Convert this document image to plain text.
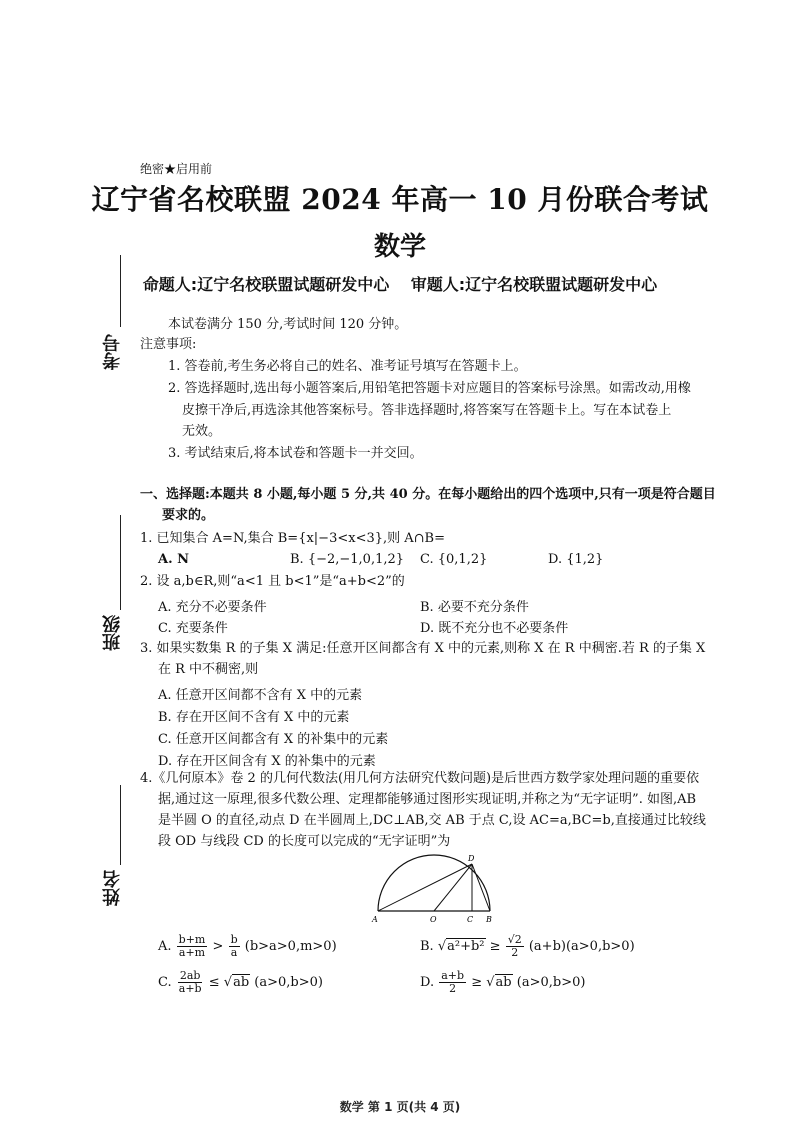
考号
班级
姓名
绝密★启用前
辽宁省名校联盟 2024 年高一 10 月份联合考试
数学
命题人:辽宁名校联盟试题研发中心 审题人:辽宁名校联盟试题研发中心
本试卷满分 150 分,考试时间 120 分钟。
注意事项:
1. 答卷前,考生务必将自己的姓名、准考证号填写在答题卡上。
2. 答选择题时,选出每小题答案后,用铅笔把答题卡对应题目的答案标号涂黑。如需改动,用橡
皮擦干净后,再选涂其他答案标号。答非选择题时,将答案写在答题卡上。写在本试卷上
无效。
3. 考试结束后,将本试卷和答题卡一并交回。
一、选择题:本题共 8 小题,每小题 5 分,共 40 分。在每小题给出的四个选项中,只有一项是符合题目
要求的。
1. 已知集合 A=N,集合 B={x|−3<x<3},则 A∩B=
A. N	B. {−2,−1,0,1,2} C. {0,1,2}	D. {1,2}
2. 设 a,b∈R,则“a<1 且 b<1”是“a+b<2”的
A. 充分不必要条件	B. 必要不充分条件
C. 充要条件	D. 既不充分也不必要条件
3. 如果实数集 R 的子集 X 满足:任意开区间都含有 X 中的元素,则称 X 在 R 中稠密.若 R 的子集 X
在 R 中不稠密,则
A. 任意开区间都不含有 X 中的元素
B. 存在开区间不含有 X 中的元素
C. 任意开区间都含有 X 的补集中的元素
D. 存在开区间含有 X 的补集中的元素
4.《几何原本》卷 2 的几何代数法(用几何方法研究代数问题)是后世西方数学家处理问题的重要依
据,通过这一原理,很多代数公理、定理都能够通过图形实现证明,并称之为“无字证明”. 如图,AB
是半圆 O 的直径,动点 D 在半圆周上,DC⊥AB,交 AB 于点 C,设 AC=a,BC=b,直接通过比较线
段 OD 与线段 CD 的长度可以完成的“无字证明”为
A	O	C B
D
A. $\frac{b+m}{a+m} > \frac{b}{a} (b>a>0,m>0)$	B. $√a^2+b^2 \ge \frac{√2}{2} (a+b)(a>0,b>0)$
C. $\frac{2ab}{a+b} \le √ab$ (a>0,b>0)	D. $\frac{a+b}{2} \ge √ab$ (a>0,b>0)
数学 第 1 页(共 4 页)
